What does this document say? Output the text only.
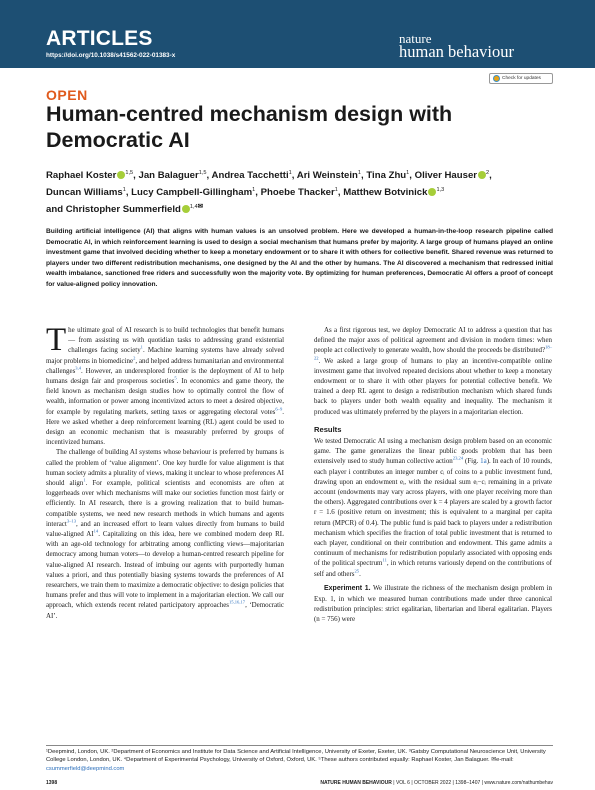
ARTICLES
https://doi.org/10.1038/s41562-022-01383-x
nature
human behaviour
Check for updates
OPEN
Human-centred mechanism design with Democratic AI
Raphael Koster $^{1,5}$, Jan Balaguer$^{1,5}$, Andrea Tacchetti$^1$, Ari Weinstein$^1$, Tina Zhu$^1$, Oliver Hauser $^2$,
Duncan Williams$^1$, Lucy Campbell-Gillingham$^1$, Phoebe Thacker$^1$, Matthew Botvinick $^{1,3}$
and Christopher Summerfield $^{1,4}$✉

Building artificial intelligence (AI) that aligns with human values is an unsolved problem. Here we developed a human-in-the-loop research pipeline called Democratic AI, in which reinforcement learning is used to design a social mechanism that humans prefer by majority. A large group of humans played an online investment game that involved deciding whether to keep a monetary endowment or to share it with others for collective benefit. Shared revenue was returned to players under two different redistribution mechanisms, one designed by the AI and the other by humans. The AI discovered a mechanism that redressed initial wealth imbalance, sanctioned free riders and successfully won the majority vote. By optimizing for human preferences, Democratic AI offers a proof of concept for value-aligned policy innovation.

The ultimate goal of AI research is to build technologies that benefit humans — from assisting us with quotidian tasks to addressing grand existential challenges facing society$^1$. Machine learning systems have already solved major problems in biomedicine$^2$, and helped address humanitarian and environmental challenges$^{3,4}$. However, an underexplored frontier is the deployment of AI to help humans design fair and prosperous societies$^5$. In economics and game theory, the field known as mechanism design studies how to optimally control the flow of wealth, information or power among incentivized actors to meet a desired objective, for example by regulating markets, setting taxes or aggregating electoral votes$^{6-9}$. Here we asked whether a deep reinforcement learning (RL) agent could be used to design an economic mechanism that is measurably preferred by groups of incentivized humans.

The challenge of building AI systems whose behaviour is preferred by humans is called the problem of ‘value alignment’. One key hurdle for value alignment is that human society admits a plurality of views, making it unclear to whose preferences AI should align$^1$. For example, political scientists and economists are often at loggerheads over which mechanisms will make our societies function most fairly or efficiently. In AI research, there is a growing realization that to build human-compatible systems, we need new research methods in which humans and agents interact$^{3-13}$, and an increased effort to learn values directly from humans to build value-aligned AI$^{14}$. Capitalizing on this idea, here we combined modern deep RL with an age-old technology for arbitrating among conflicting views—majoritarian democracy among human voters—to develop a human-centred research pipeline for value-aligned AI research. Instead of imbuing our agents with purportedly human values a priori, and thus potentially biasing systems towards the preferences of AI researchers, we train them to maximize a democratic objective: to design policies that humans prefer and thus will vote to implement in a majoritarian election. We call our approach, which extends recent related participatory approaches$^{15,16,17}$, ‘Democratic AI’.

As a first rigorous test, we deploy Democratic AI to address a question that has defined the major axes of political agreement and division in modern times: when people act collectively to generate wealth, how should the proceeds be distributed?$^{18-22}$. We asked a large group of humans to play an incentive-compatible online investment game that involved repeated decisions about whether to keep a monetary endowment or to share it with other players for potential collective benefit. We trained a deep RL agent to design a redistribution mechanism which shared funds back to players under both wealth equality and inequality. The mechanism it produced was ultimately preferred by the players in a majoritarian election.

Results

We tested Democratic AI using a mechanism design problem based on an economic game. The game generalizes the linear public goods problem that has been extensively used to study human collective action$^{23,24}$ (Fig. 1a). In each of 10 rounds, each player i contributes an integer number cᵢ of coins to a public investment fund, drawing upon an endowment eᵢ, with the residual sum eᵢ−cᵢ remaining in a private account (endowments may vary across players, with one player receiving more than the others). Aggregated contributions over k = 4 players are scaled by a growth factor r = 1.6 (positive return on investment; this is equivalent to a marginal per capita return (MPCR) of 0.4). The public fund is paid back to players under a redistribution mechanism which specifies the fraction of total public investment that is returned to each player, conditional on their contribution and endowment. This game admits a continuum of mechanisms for redistribution popularly associated with opposing ends of the political spectrum$^{11}$, in which returns variously depend on the contributions of self and others$^{25}$.

Experiment 1. We illustrate the richness of the mechanism design problem in Exp. 1, in which we measured human contributions made under three canonical redistribution principles: strict egalitarian, libertarian and liberal egalitarian. Players (n = 756) were

¹Deepmind, London, UK. ²Department of Economics and Institute for Data Science and Artificial Intelligence, University of Exeter, Exeter, UK. ³Gatsby Computational Neuroscience Unit, University College London, London, UK. ⁴Department of Experimental Psychology, University of Oxford, Oxford, UK. ⁵These authors contributed equally: Raphael Koster, Jan Balaguer. ✉e-mail: csummerfield@deepmind.com
1398	NATURE HUMAN BEHAVIOUR | VOL 6 | OCTOBER 2022 | 1398–1407 | www.nature.com/nathumbehav
